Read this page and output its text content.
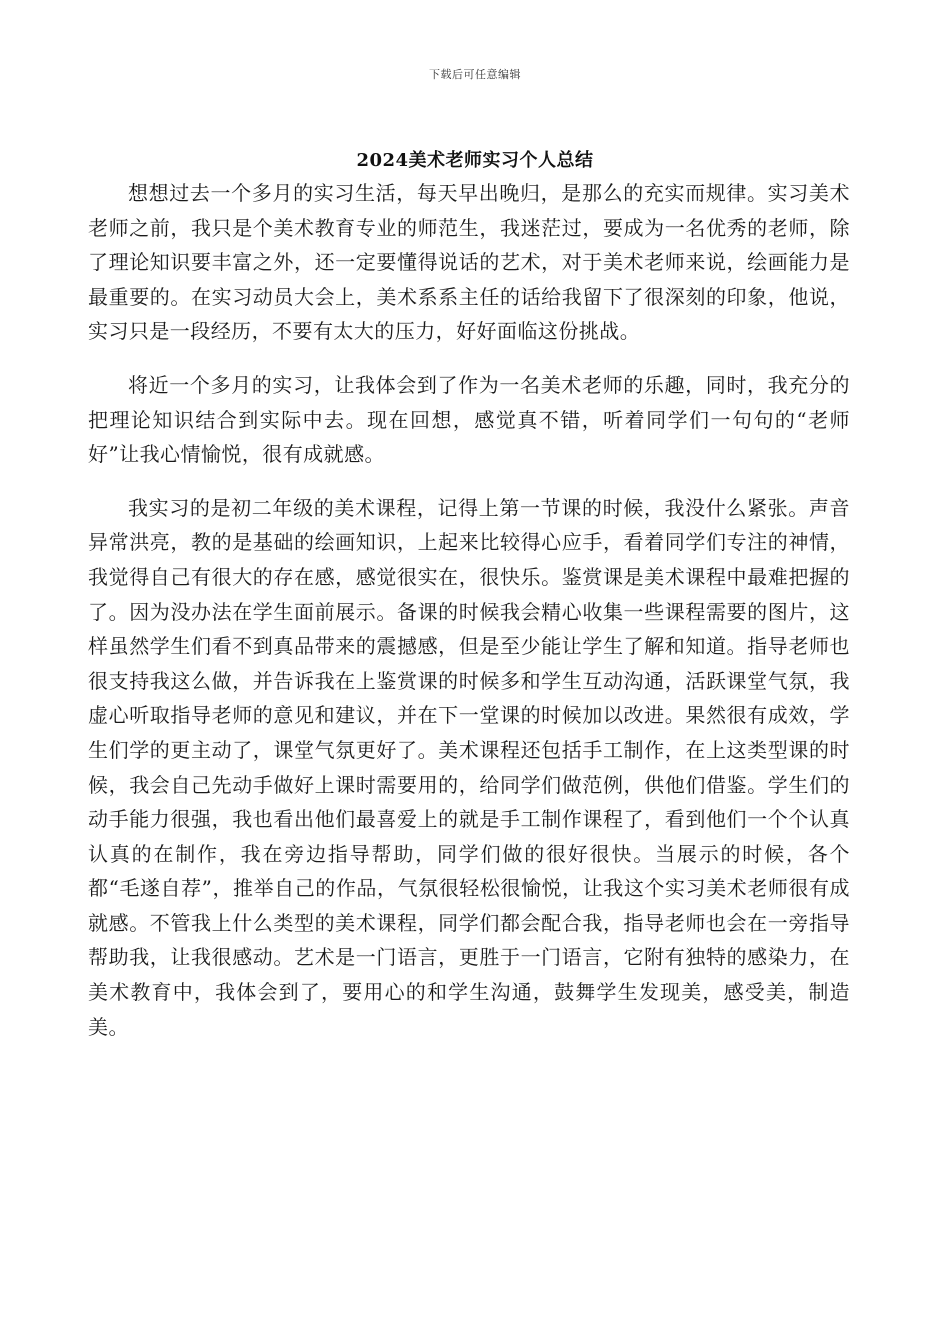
下载后可任意编辑
2024美术老师实习个人总结

想想过去一个多月的实习生活，每天早出晚归，是那么的充实而规律。实习美术老师之前，我只是个美术教育专业的师范生，我迷茫过，要成为一名优秀的老师，除了理论知识要丰富之外，还一定要懂得说话的艺术，对于美术老师来说，绘画能力是最重要的。在实习动员大会上，美术系系主任的话给我留下了很深刻的印象，他说，实习只是一段经历，不要有太大的压力，好好面临这份挑战。

将近一个多月的实习，让我体会到了作为一名美术老师的乐趣，同时，我充分的把理论知识结合到实际中去。现在回想，感觉真不错，听着同学们一句句的“老师好”让我心情愉悦，很有成就感。

我实习的是初二年级的美术课程，记得上第一节课的时候，我没什么紧张。声音异常洪亮，教的是基础的绘画知识，上起来比较得心应手，看着同学们专注的神情，我觉得自己有很大的存在感，感觉很实在，很快乐。鉴赏课是美术课程中最难把握的了。因为没办法在学生面前展示。备课的时候我会精心收集一些课程需要的图片，这样虽然学生们看不到真品带来的震撼感，但是至少能让学生了解和知道。指导老师也很支持我这么做，并告诉我在上鉴赏课的时候多和学生互动沟通，活跃课堂气氛，我虚心听取指导老师的意见和建议，并在下一堂课的时候加以改进。果然很有成效，学生们学的更主动了，课堂气氛更好了。美术课程还包括手工制作，在上这类型课的时候，我会自己先动手做好上课时需要用的，给同学们做范例，供他们借鉴。学生们的动手能力很强，我也看出他们最喜爱上的就是手工制作课程了，看到他们一个个认真认真的在制作，我在旁边指导帮助，同学们做的很好很快。当展示的时候，各个都“毛遂自荐”，推举自己的作品，气氛很轻松很愉悦，让我这个实习美术老师很有成就感。不管我上什么类型的美术课程，同学们都会配合我，指导老师也会在一旁指导帮助我，让我很感动。艺术是一门语言，更胜于一门语言，它附有独特的感染力，在美术教育中，我体会到了，要用心的和学生沟通，鼓舞学生发现美，感受美，制造美。
